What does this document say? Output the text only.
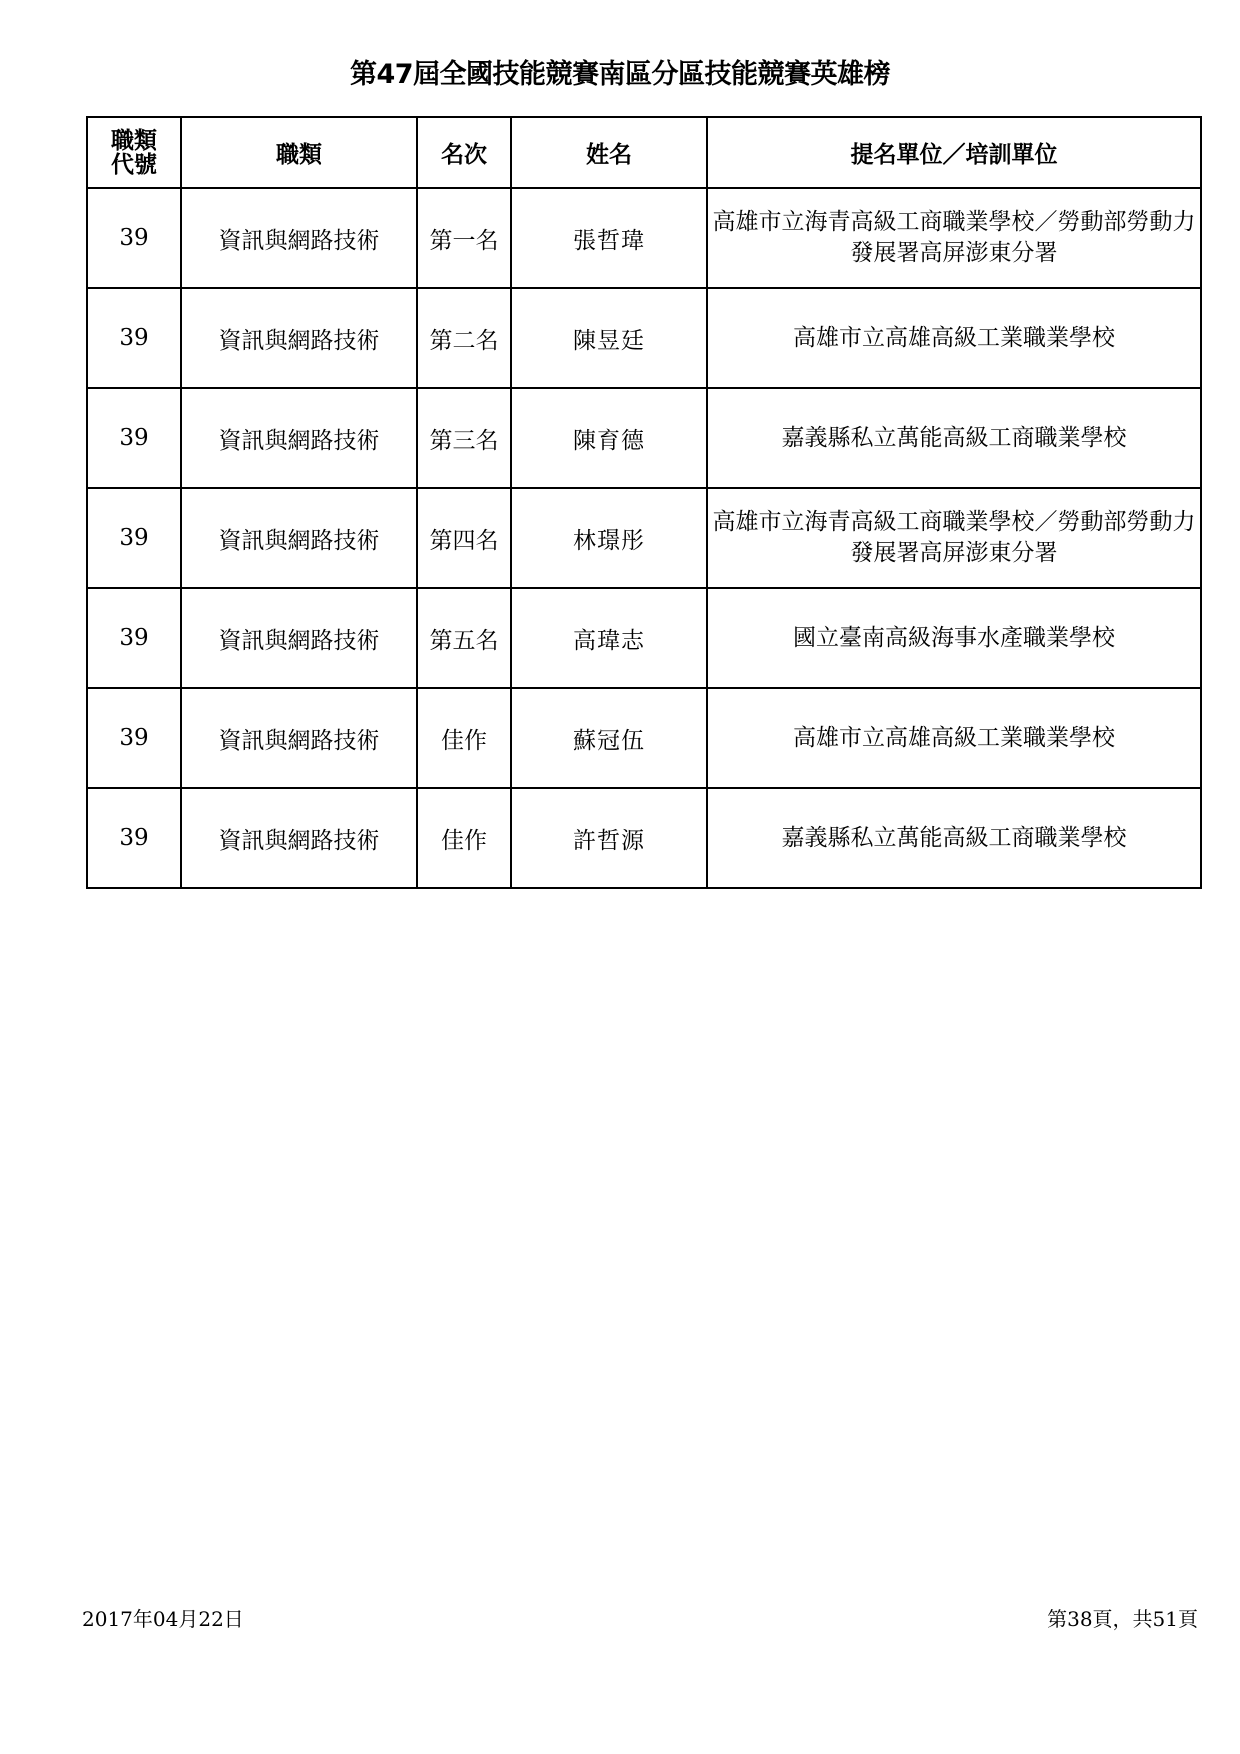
第47屆全國技能競賽南區分區技能競賽英雄榜
職類
代號	職類	名次	姓名	提名單位／培訓單位
39	資訊與網路技術	第一名	張哲瑋	高雄市立海青高級工商職業學校／勞動部勞動力發展署高屏澎東分署
39	資訊與網路技術	第二名	陳昱廷	高雄市立高雄高級工業職業學校
39	資訊與網路技術	第三名	陳育德	嘉義縣私立萬能高級工商職業學校
39	資訊與網路技術	第四名	林璟彤	高雄市立海青高級工商職業學校／勞動部勞動力發展署高屏澎東分署
39	資訊與網路技術	第五名	高瑋志	國立臺南高級海事水產職業學校
39	資訊與網路技術	佳作	蘇冠伍	高雄市立高雄高級工業職業學校
39	資訊與網路技術	佳作	許哲源	嘉義縣私立萬能高級工商職業學校
2017年04月22日	第38頁，共51頁
